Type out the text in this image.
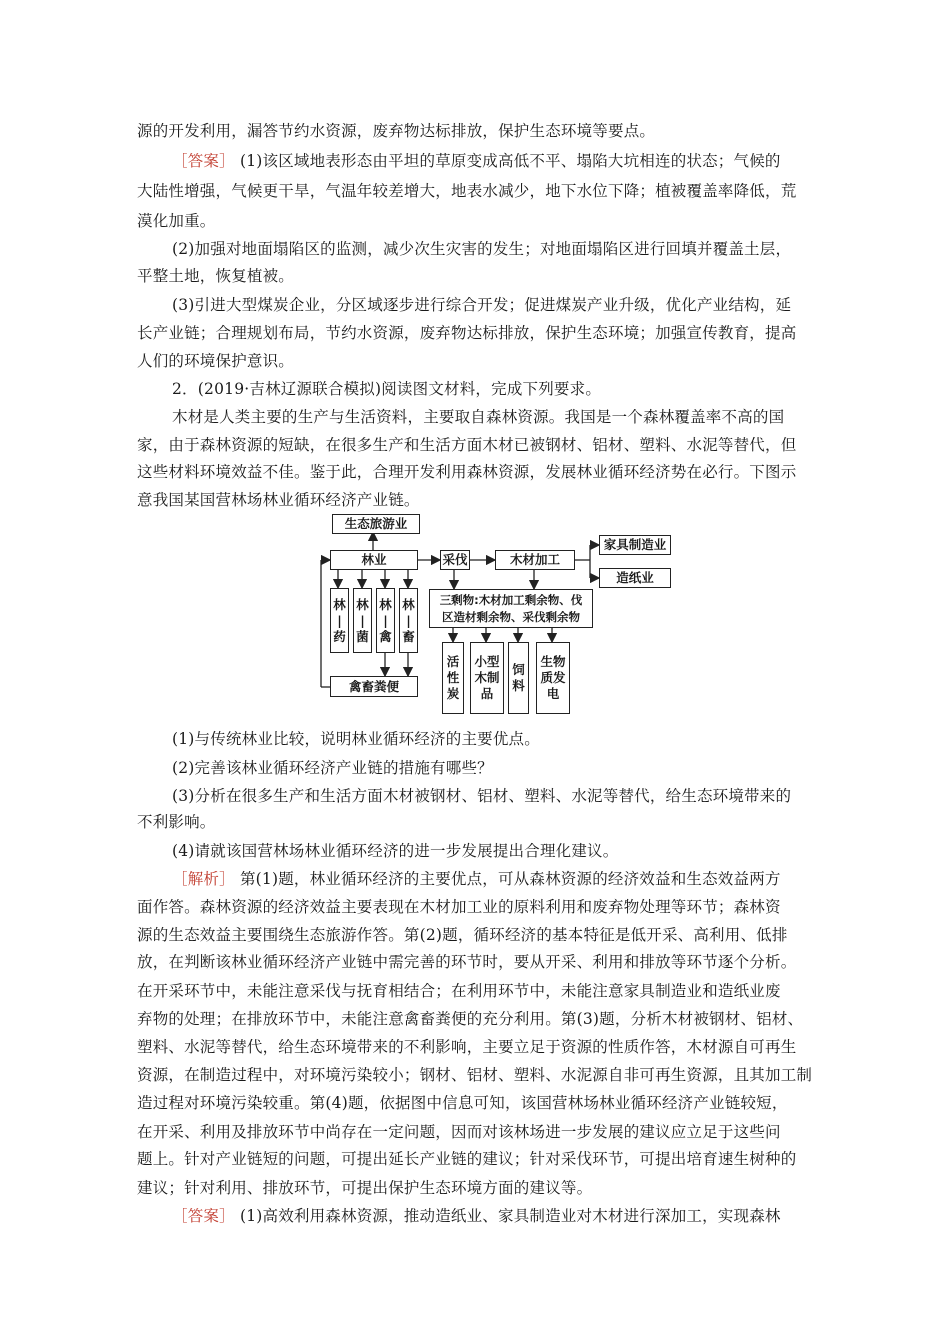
源的开发利用，漏答节约水资源，废弃物达标排放，保护生态环境等要点。
［答案］ (1)该区域地表形态由平坦的草原变成高低不平、塌陷大坑相连的状态；气候的
大陆性增强，气候更干旱，气温年较差增大，地表水减少，地下水位下降；植被覆盖率降低，荒
漠化加重。
(2)加强对地面塌陷区的监测，减少次生灾害的发生；对地面塌陷区进行回填并覆盖土层，
平整土地，恢复植被。
(3)引进大型煤炭企业，分区域逐步进行综合开发；促进煤炭产业升级，优化产业结构，延
长产业链；合理规划布局，节约水资源，废弃物达标排放，保护生态环境；加强宣传教育，提高
人们的环境保护意识。
2．(2019·吉林辽源联合模拟)阅读图文材料，完成下列要求。
木材是人类主要的生产与生活资料，主要取自森林资源。我国是一个森林覆盖率不高的国
家，由于森林资源的短缺，在很多生产和生活方面木材已被钢材、铝材、塑料、水泥等替代，但
这些材料环境效益不佳。鉴于此，合理开发利用森林资源，发展林业循环经济势在必行。下图示
意我国某国营林场林业循环经济产业链。
生态旅游业
林业	采伐	木材加工
家具制造业
造纸业
林
|
药
林
|
菌
林
|
禽
林
|
畜
禽畜粪便
三剩物:木材加工剩余物、伐
区造材剩余物、采伐剩余物
活
性
炭
小型
木制
品
饲
料
生物
质发
电
(1)与传统林业比较，说明林业循环经济的主要优点。
(2)完善该林业循环经济产业链的措施有哪些？
(3)分析在很多生产和生活方面木材被钢材、铝材、塑料、水泥等替代，给生态环境带来的
不利影响。
(4)请就该国营林场林业循环经济的进一步发展提出合理化建议。
［解析］ 第(1)题，林业循环经济的主要优点，可从森林资源的经济效益和生态效益两方
面作答。森林资源的经济效益主要表现在木材加工业的原料利用和废弃物处理等环节；森林资
源的生态效益主要围绕生态旅游作答。第(2)题，循环经济的基本特征是低开采、高利用、低排
放，在判断该林业循环经济产业链中需完善的环节时，要从开采、利用和排放等环节逐个分析。
在开采环节中，未能注意采伐与抚育相结合；在利用环节中，未能注意家具制造业和造纸业废
弃物的处理；在排放环节中，未能注意禽畜粪便的充分利用。第(3)题，分析木材被钢材、铝材、
塑料、水泥等替代，给生态环境带来的不利影响，主要立足于资源的性质作答，木材源自可再生
资源，在制造过程中，对环境污染较小；钢材、铝材、塑料、水泥源自非可再生资源，且其加工制
造过程对环境污染较重。第(4)题，依据图中信息可知，该国营林场林业循环经济产业链较短，
在开采、利用及排放环节中尚存在一定问题，因而对该林场进一步发展的建议应立足于这些问
题上。针对产业链短的问题，可提出延长产业链的建议；针对采伐环节，可提出培育速生树种的
建议；针对利用、排放环节，可提出保护生态环境方面的建议等。
［答案］ (1)高效利用森林资源，推动造纸业、家具制造业对木材进行深加工，实现森林
